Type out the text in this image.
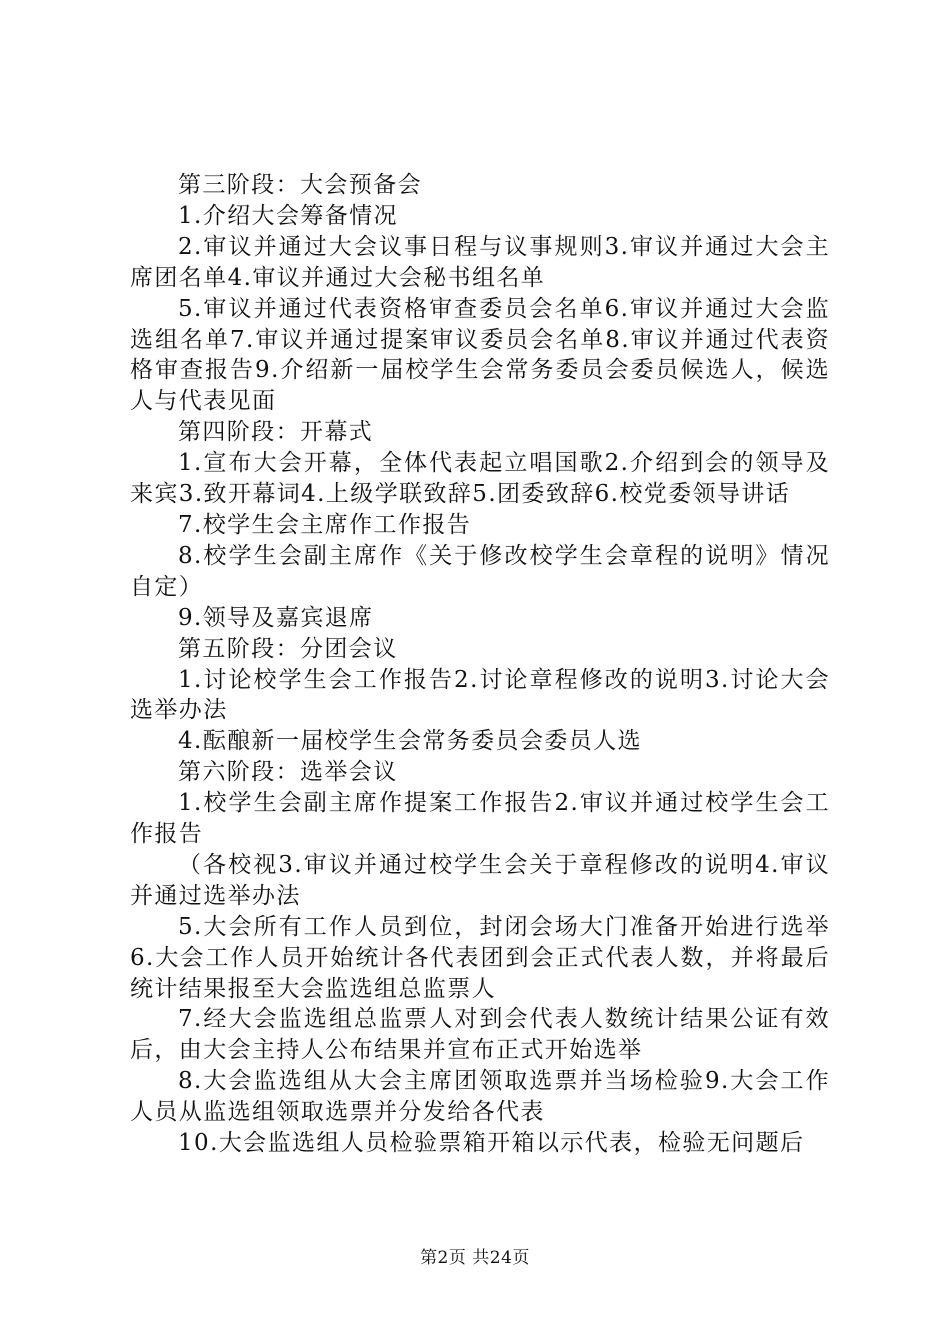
第三阶段：大会预备会

1.介绍大会筹备情况

2.审议并通过大会议事日程与议事规则3.审议并通过大会主席团名单4.审议并通过大会秘书组名单

5.审议并通过代表资格审查委员会名单6.审议并通过大会监选组名单7.审议并通过提案审议委员会名单8.审议并通过代表资格审查报告9.介绍新一届校学生会常务委员会委员候选人，候选人与代表见面

第四阶段：开幕式

1.宣布大会开幕，全体代表起立唱国歌2.介绍到会的领导及来宾3.致开幕词4.上级学联致辞5.团委致辞6.校党委领导讲话

7.校学生会主席作工作报告

8.校学生会副主席作《关于修改校学生会章程的说明》情况自定）

9.领导及嘉宾退席

第五阶段：分团会议

1.讨论校学生会工作报告2.讨论章程修改的说明3.讨论大会选举办法

4.酝酿新一届校学生会常务委员会委员人选

第六阶段：选举会议

1.校学生会副主席作提案工作报告2.审议并通过校学生会工作报告

（各校视3.审议并通过校学生会关于章程修改的说明4.审议并通过选举办法

5.大会所有工作人员到位，封闭会场大门准备开始进行选举6.大会工作人员开始统计各代表团到会正式代表人数，并将最后统计结果报至大会监选组总监票人

7.经大会监选组总监票人对到会代表人数统计结果公证有效后，由大会主持人公布结果并宣布正式开始选举

8.大会监选组从大会主席团领取选票并当场检验9.大会工作人员从监选组领取选票并分发给各代表

10.大会监选组人员检验票箱开箱以示代表，检验无问题后

第2页 共24页
